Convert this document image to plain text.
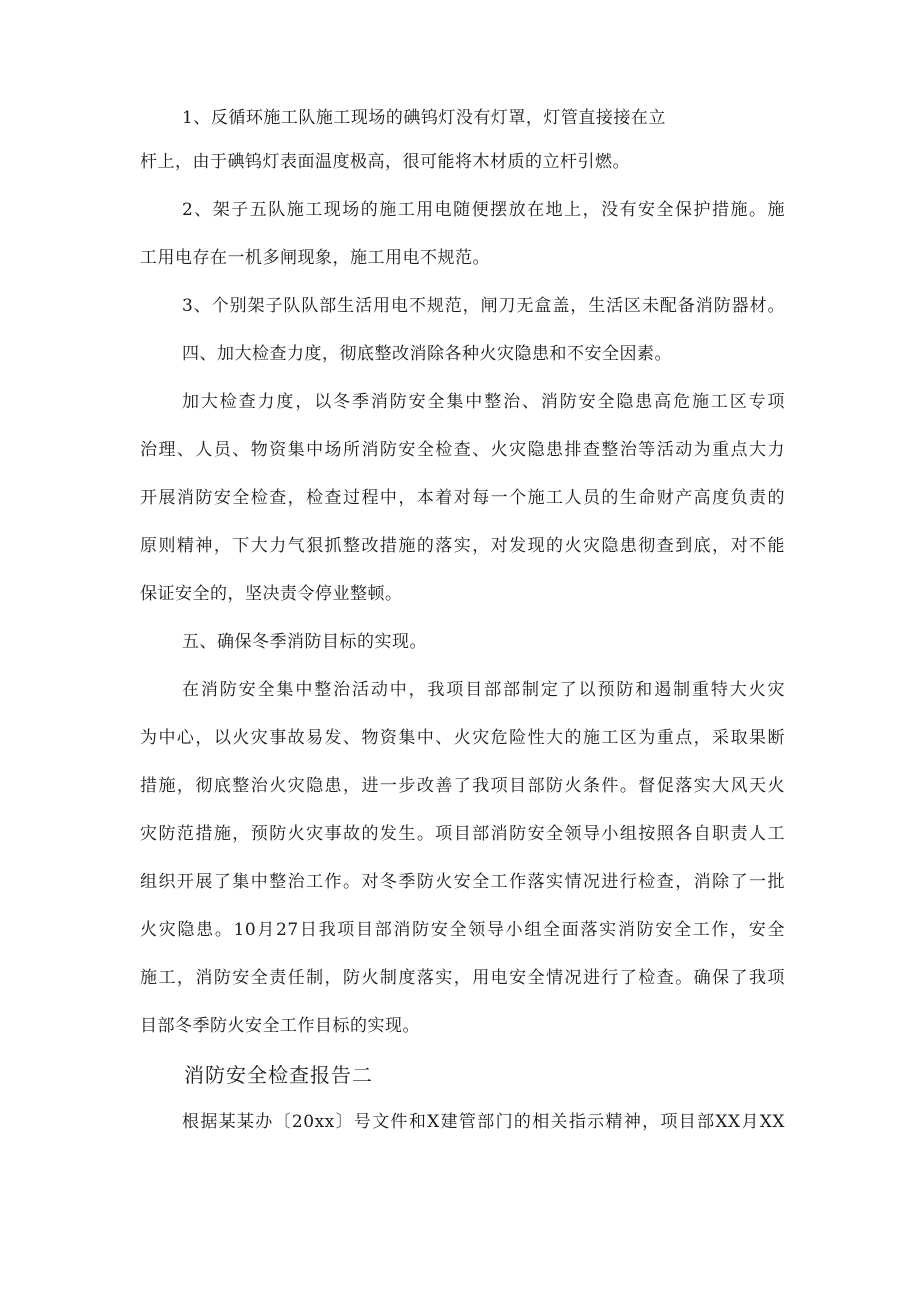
1、反循环施工队施工现场的碘钨灯没有灯罩，灯管直接接在立
杆上，由于碘钨灯表面温度极高，很可能将木材质的立杆引燃。
2、架子五队施工现场的施工用电随便摆放在地上，没有安全保护措施。施
工用电存在一机多闸现象，施工用电不规范。
3、个别架子队队部生活用电不规范，闸刀无盒盖，生活区未配备消防器材。
四、加大检查力度，彻底整改消除各种火灾隐患和不安全因素。
加大检查力度，以冬季消防安全集中整治、消防安全隐患高危施工区专项
治理、人员、物资集中场所消防安全检查、火灾隐患排查整治等活动为重点大力
开展消防安全检查，检查过程中，本着对每一个施工人员的生命财产高度负责的
原则精神，下大力气狠抓整改措施的落实，对发现的火灾隐患彻查到底，对不能
保证安全的，坚决责令停业整顿。
五、确保冬季消防目标的实现。
在消防安全集中整治活动中，我项目部部制定了以预防和遏制重特大火灾
为中心，以火灾事故易发、物资集中、火灾危险性大的施工区为重点，采取果断
措施，彻底整治火灾隐患，进一步改善了我项目部防火条件。督促落实大风天火
灾防范措施，预防火灾事故的发生。项目部消防安全领导小组按照各自职责人工
组织开展了集中整治工作。对冬季防火安全工作落实情况进行检查，消除了一批
火灾隐患。10月27日我项目部消防安全领导小组全面落实消防安全工作，安全
施工，消防安全责任制，防火制度落实，用电安全情况进行了检查。确保了我项
目部冬季防火安全工作目标的实现。
消防安全检查报告二
根据某某办〔20xx〕号文件和X建管部门的相关指示精神，项目部XX月XX
